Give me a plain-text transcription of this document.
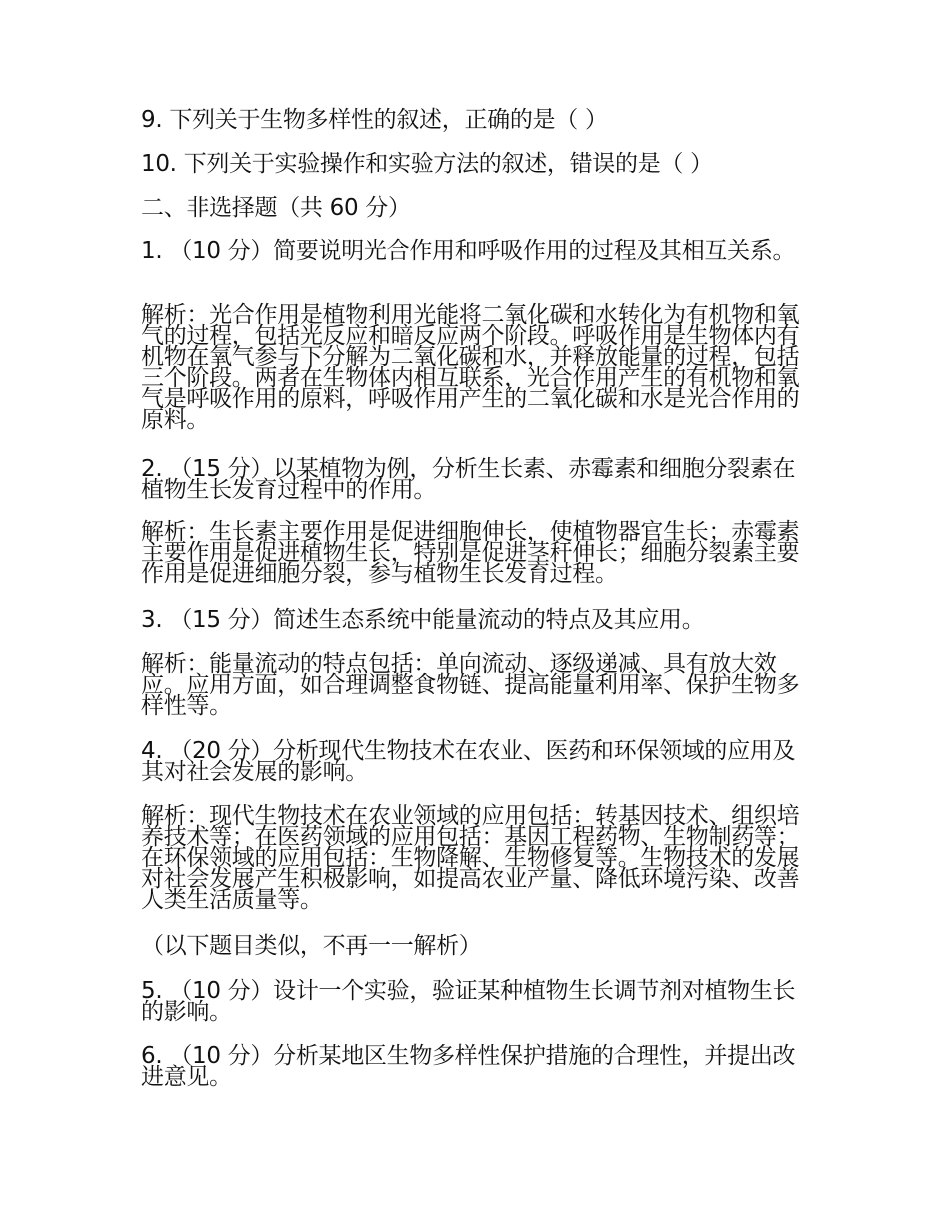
9. 下列关于生物多样性的叙述，正确的是（ ）

10. 下列关于实验操作和实验方法的叙述，错误的是（ ）

二、非选择题（共 60 分）

1. （10 分）简要说明光合作用和呼吸作用的过程及其相互关系。

解析：光合作用是植物利用光能将二氧化碳和水转化为有机物和氧气的过程，包括光反应和暗反应两个阶段。呼吸作用是生物体内有机物在氧气参与下分解为二氧化碳和水，并释放能量的过程，包括三个阶段。两者在生物体内相互联系，光合作用产生的有机物和氧气是呼吸作用的原料，呼吸作用产生的二氧化碳和水是光合作用的原料。

2. （15 分）以某植物为例，分析生长素、赤霉素和细胞分裂素在植物生长发育过程中的作用。

解析：生长素主要作用是促进细胞伸长，使植物器官生长；赤霉素主要作用是促进植物生长，特别是促进茎秆伸长；细胞分裂素主要作用是促进细胞分裂，参与植物生长发育过程。

3. （15 分）简述生态系统中能量流动的特点及其应用。

解析：能量流动的特点包括：单向流动、逐级递减、具有放大效应。应用方面，如合理调整食物链、提高能量利用率、保护生物多样性等。

4. （20 分）分析现代生物技术在农业、医药和环保领域的应用及其对社会发展的影响。

解析：现代生物技术在农业领域的应用包括：转基因技术、组织培养技术等；在医药领域的应用包括：基因工程药物、生物制药等；在环保领域的应用包括：生物降解、生物修复等。生物技术的发展对社会发展产生积极影响，如提高农业产量、降低环境污染、改善人类生活质量等。

（以下题目类似，不再一一解析）

5. （10 分）设计一个实验，验证某种植物生长调节剂对植物生长的影响。

6. （10 分）分析某地区生物多样性保护措施的合理性，并提出改进意见。
